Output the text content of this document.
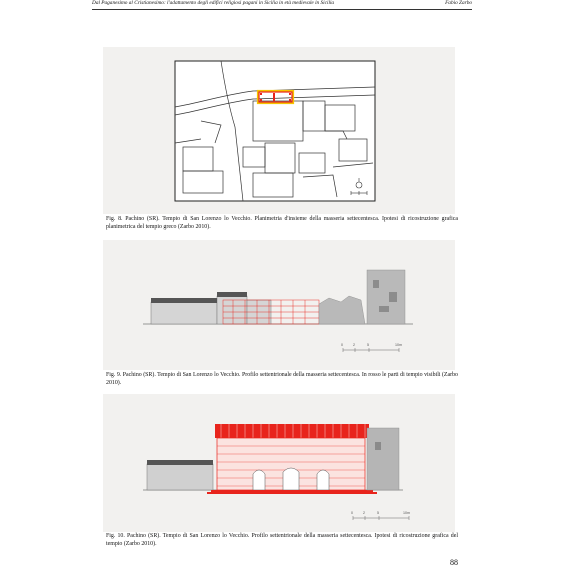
Dal Paganesimo al Cristianesimo: l'adattamento degli edifici religiosi pagani in Sicilia in età medievale in Sicilia	Fabio Zarbo
Fig. 8. Pachino (SR). Tempio di San Lorenzo lo Vecchio. Planimetria d'insieme della masseria settecentesca. Ipotesi di ricostruzione grafica planimetrica del tempio greco (Zarbo 2010).
0	2	5	10m
Fig. 9. Pachino (SR). Tempio di San Lorenzo lo Vecchio. Profilo settentrionale della masseria settecentesca. In rosso le parti di tempio visibili (Zarbo 2010).
0	2	5	10m
Fig. 10. Pachino (SR). Tempio di San Lorenzo lo Vecchio. Profilo settentrionale della masseria settecentesca. Ipotesi di ricostruzione grafica del tempio (Zarbo 2010).
88
